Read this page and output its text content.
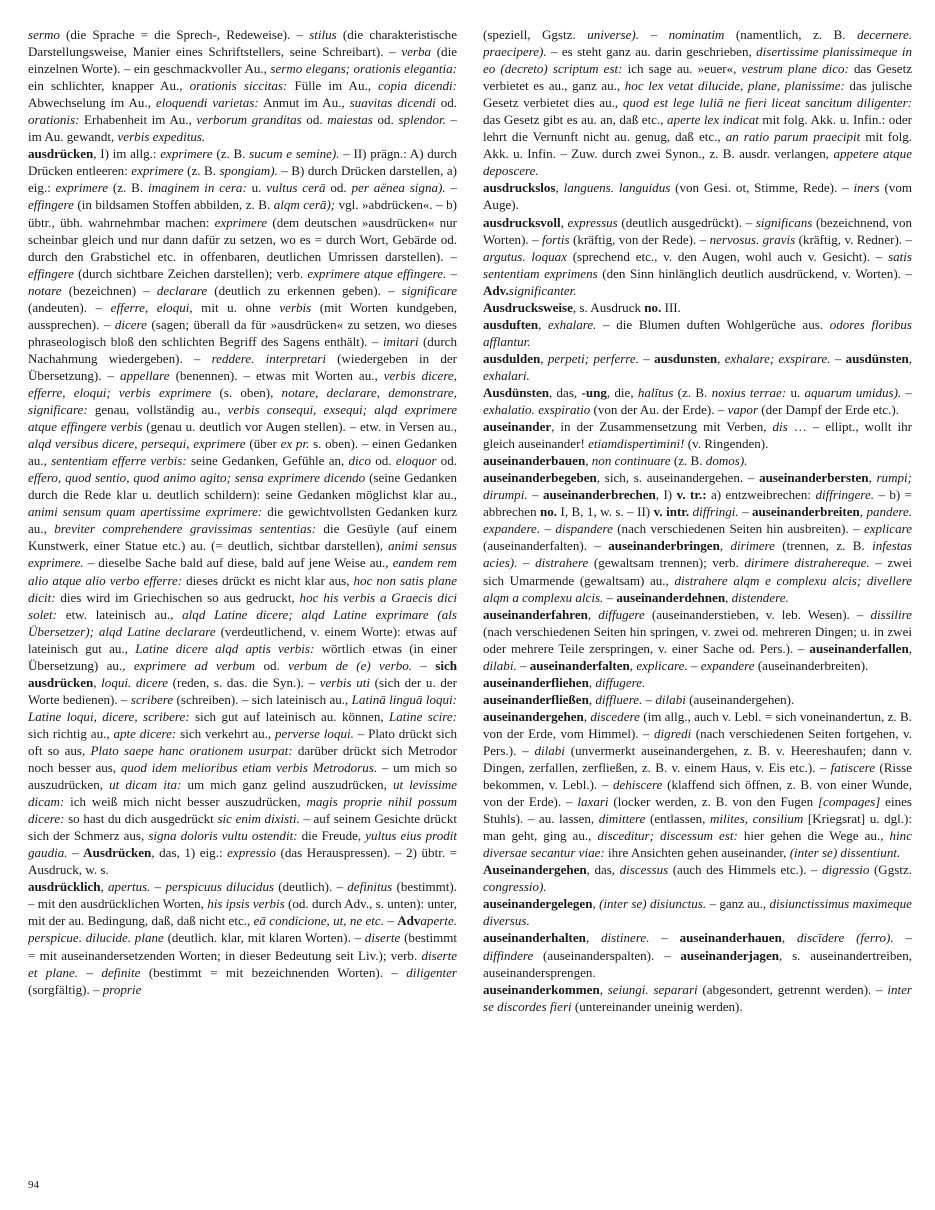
sermo (die Sprache = die Sprech-, Redeweise). – stilus (die charakteristische Darstellungsweise, Manier eines Schriftstellers, seine Schreibart). – verba (die einzelnen Worte). – ein geschmackvoller Au., sermo elegans; orationis elegantia: ein schlichter, knapper Au., orationis siccitas: Fülle im Au., copia dicendi: Abwechselung im Au., eloquendi varietas: Anmut im Au., suavitas dicendi od. orationis: Erhabenheit im Au., verborum granditas od. maiestas od. splendor. – im Au. gewandt, verbis expeditus.

ausdrücken, I) im allg.: exprimere (z. B. sucum e semine). – II) prägn.: A) durch Drücken entleeren: exprimere (z. B. spongiam). – B) durch Drücken darstellen, a) eig.: exprimere (z. B. imaginem in cera: u. vultus cerā od. per aënea signa). – effingere (in bildsamen Stoffen abbilden, z. B. alqm cerā); vgl. »abdrücken«. – b) übtr., übh. wahrnehmbar machen: exprimere (dem deutschen »ausdrücken« nur scheinbar gleich und nur dann dafür zu setzen, wo es = durch Wort, Gebärde od. durch den Grabstichel etc. in offenbaren, deutlichen Umrissen darstellen). – effingere (durch sichtbare Zeichen darstellen); verb. exprimere atque effingere. – notare (bezeichnen) – declarare (deutlich zu erkennen geben). – significare (andeuten). – efferre, eloqui, mit u. ohne verbis (mit Worten kundgeben, aussprechen). – dicere (sagen; überall da für »ausdrücken« zu setzen, wo dieses phraseologisch bloß den schlichten Begriff des Sagens enthält). – imitari (durch Nachahmung wiedergeben). – reddere. interpretari (wiedergeben in der Übersetzung). – appellare (benennen). – etwas mit Worten au., verbis dicere, efferre, eloqui; verbis exprimere (s. oben), notare, declarare, demonstrare, significare: genau, vollständig au., verbis consequi, exsequi; alqd exprimere atque effingere verbis (genau u. deutlich vor Augen stellen). – etw. in Versen au., alqd versibus dicere, persequi, exprimere (über ex pr. s. oben). – einen Gedanken au., sententiam efferre verbis: seine Gedanken, Gefühle an, dico od. eloquor od. effero, quod sentio, quod animo agito; sensa exprimere dicendo (seine Gedanken durch die Rede klar u. deutlich schildern): seine Gedanken möglichst klar au., animi sensum quam apertissime exprimere: die gewichtvollsten Gedanken kurz au., breviter comprehendere gravissimas sententias: die Gesüyle (auf einem Kunstwerk, einer Statue etc.) au. (= deutlich, sichtbar darstellen), animi sensus exprimere. – dieselbe Sache bald auf diese, bald auf jene Weise au., eandem rem alio atque alio verbo efferre: dieses drückt es nicht klar aus, hoc non satis plane dicit: dies wird im Griechischen so aus gedruckt, hoc his verbis a Graecis dici solet: etw. lateinisch au., alqd Latine dicere; alqd Latine exprimare (als Übersetzer); alqd Latine declarare (verdeutlichend, v. einem Worte): etwas auf lateinisch gut au., Latine dicere alqd aptis verbis: wörtlich etwas (in einer Übersetzung) au., exprimere ad verbum od. verbum de (e) verbo. – sich ausdrücken, loqui. dicere (reden, s. das. die Syn.). – verbis uti (sich der u. der Worte bedienen). – scribere (schreiben). – sich lateinisch au., Latinā linguā loqui: Latine loqui, dicere, scribere: sich gut auf lateinisch au. können, Latine scire: sich richtig au., apte dicere: sich verkehrt au., perverse loqui. – Plato drückt sich oft so aus, Plato saepe hanc orationem usurpat: darüber drückt sich Metrodor noch besser aus, quod idem melioribus etiam verbis Metrodorus. – um mich so auszudrücken, ut dicam ita: um mich ganz gelind auszudrücken, ut levissime dicam: ich weiß mich nicht besser auszudrücken, magis proprie nihil possum dicere: so hast du dich ausgedrückt sic enim dixisti. – auf seinem Gesichte drückt sich der Schmerz aus, signa doloris vultu ostendit: die Freude, yultus eius prodit gaudia. – Ausdrücken, das, 1) eig.: expressio (das Herauspressen). – 2) übtr. = Ausdruck, w. s.

ausdrücklich, apertus. – perspicuus dilucidus (deutlich). – definitus (bestimmt). – mit den ausdrücklichen Worten, his ipsis verbis (od. durch Adv., s. unten): unter, mit der au. Bedingung, daß, daß nicht etc., eā condicione, ut, ne etc. – Advaperte. perspicue. dilucide. plane (deutlich. klar, mit klaren Worten). – diserte (bestimmt = mit auseinandersetzenden Worten; in dieser Bedeutung seit Liv.); verb. diserte et plane. – definite (bestimmt = mit bezeichnenden Worten). – diligenter (sorgfältig). – proprie

(speziell, Ggstz. universe). – nominatim (namentlich, z. B. decernere. praecipere). – es steht ganz au. darin geschrieben, disertissime planissimeque in eo (decreto) scriptum est: ich sage au. »euer«, vestrum plane dico: das Gesetz verbietet es au., ganz au., hoc lex vetat dilucide, plane, planissime: das julische Gesetz verbietet dies au., quod est lege luliā ne fieri liceat sancitum diligenter: das Gesetz gibt es au. an, daß etc., aperte lex indicat mit folg. Akk. u. Infin.: oder lehrt die Vernunft nicht au. genug, daß etc., an ratio parum praecipit mit folg. Akk. u. Infin. – Zuw. durch zwei Synon., z. B. ausdr. verlangen, appetere atque deposcere.

ausdruckslos, languens. languidus (von Gesi. ot, Stimme, Rede). – iners (vom Auge).

ausdrucksvoll, expressus (deutlich ausgedrückt). – significans (bezeichnend, von Worten). – fortis (kräftig, von der Rede). – nervosus. gravis (kräftig, v. Redner). – argutus. loquax (sprechend etc., v. den Augen, wohl auch v. Gesicht). – satis sententiam exprimens (den Sinn hinlänglich deutlich ausdrückend, v. Worten). – Adv.significanter.

Ausdrucksweise, s. Ausdruck no. III.

ausduften, exhalare. – die Blumen duften Wohlgerüche aus. odores floribus afflantur.

ausdulden, perpeti; perferre. – ausdunsten, exhalare; exspirare. – ausdünsten, exhalari.

Ausdünsten, das, -ung, die, halĭtus (z. B. noxius terrae: u. aquarum umidus). – exhalatio. exspiratio (von der Au. der Erde). – vapor (der Dampf der Erde etc.).

auseinander, in der Zusammensetzung mit Verben, dis … – ellipt., wollt ihr gleich auseinander! etiamdispertimini! (v. Ringenden).

auseinanderbauen, non continuare (z. B. domos).

auseinanderbegeben, sich, s. auseinandergehen. – auseinanderbersten, rumpi; dirumpi. – auseinanderbrechen, I) v. tr.: a) entzweibrechen: diffringere. – b) = abbrechen no. I, B, 1, w. s. – II) v. intr. diffringi. – auseinanderbreiten, pandere. expandere. – dispandere (nach verschiedenen Seiten hin ausbreiten). – explicare (auseinanderfalten). – auseinanderbringen, dirimere (trennen, z. B. infestas acies). – distrahere (gewaltsam trennen); verb. dirimere distrahereque. – zwei sich Umarmende (gewaltsam) au., distrahere alqm e complexu alcis; divellere alqm a complexu alcis. – auseinanderdehnen, distendere.

auseinanderfahren, diffugere (auseinanderstieben, v. leb. Wesen). – dissilire (nach verschiedenen Seiten hin springen, v. zwei od. mehreren Dingen; u. in zwei oder mehrere Teile zerspringen, v. einer Sache od. Pers.). – auseinanderfallen, dilabi. – auseinanderfalten, explicare. – expandere (auseinanderbreiten).

auseinanderfliehen, diffugere.

auseinanderfließen, diffluere. – dilabi (auseinandergehen).

auseinandergehen, discedere (im allg., auch v. Lebl. = sich voneinandertun, z. B. von der Erde, vom Himmel). – digredi (nach verschiedenen Seiten fortgehen, v. Pers.). – dilabi (unvermerkt auseinandergehen, z. B. v. Heereshaufen; dann v. Dingen, zerfallen, zerfließen, z. B. v. einem Haus, v. Eis etc.). – fatiscere (Risse bekommen, v. Lebl.). – dehiscere (klaffend sich öffnen, z. B. von einer Wunde, von der Erde). – laxari (locker werden, z. B. von den Fugen [compages] eines Stuhls). – au. lassen, dimittere (entlassen, milites, consilium [Kriegsrat] u. dgl.): man geht, ging au., disceditur; discessum est: hier gehen die Wege au., hinc diversae secantur viae: ihre Ansichten gehen auseinander, (inter se) dissentiunt.

Auseinandergehen, das, discessus (auch des Himmels etc.). – digressio (Ggstz. congressio).

auseinandergelegen, (inter se) disiunctus. – ganz au., disiunctissimus maximeque diversus.

auseinanderhalten, distinere. – auseinanderhauen, discīdere (ferro). – diffindere (auseinanderspalten). – auseinanderjagen, s. auseinandertreiben, auseinandersprengen.

auseinanderkommen, seiungi. separari (abgesondert, getrennt werden). – inter se discordes fieri (untereinander uneinig werden).

94
